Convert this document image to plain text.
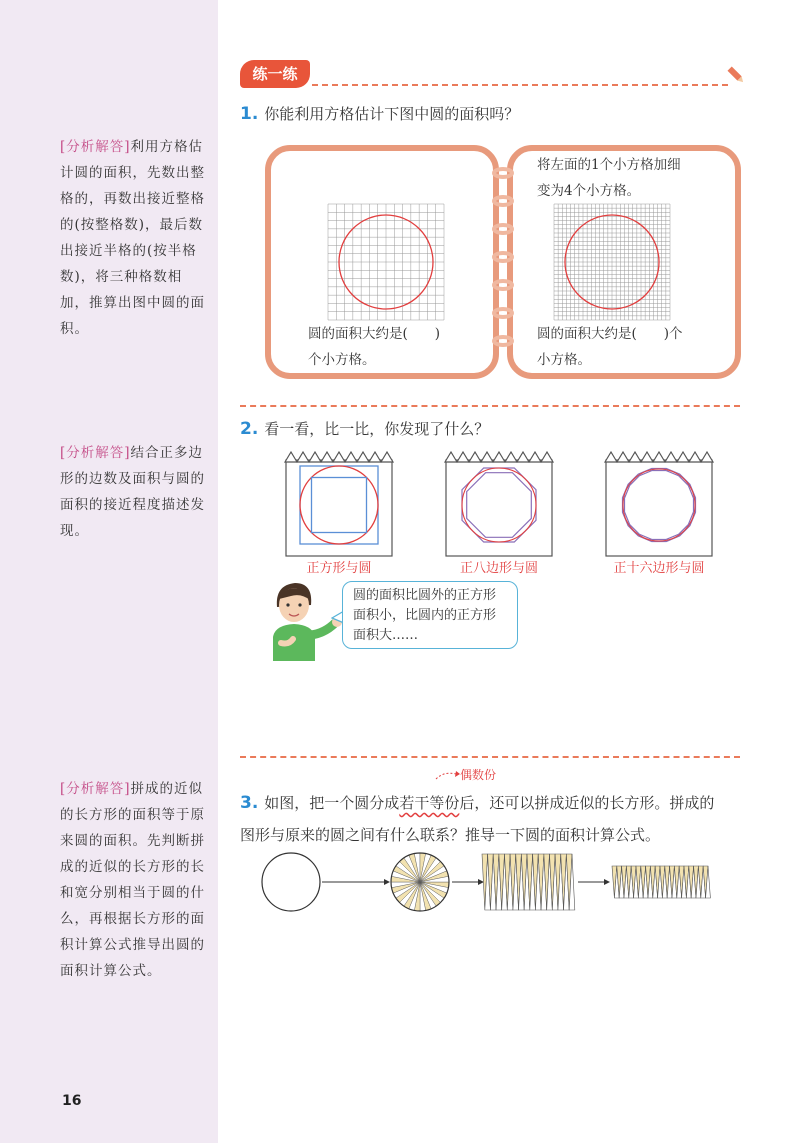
[分析解答]利用方格估计圆的面积，先数出整格的，再数出接近整格的(按整格数)，最后数出接近半格的(按半格数)，将三种格数相加，推算出图中圆的面积。
[分析解答]结合正多边形的边数及面积与圆的面积的接近程度描述发现。
[分析解答]拼成的近似的长方形的面积等于原来圆的面积。先判断拼成的近似的长方形的长和宽分别相当于圆的什么，再根据长方形的面积计算公式推导出圆的面积计算公式。
16
练一练
1. 你能利用方格估计下图中圆的面积吗？
圆的面积大约是(　　)
个小方格。
将左面的1个小方格加细
变为4个小方格。
圆的面积大约是(　　)个
小方格。
2. 看一看，比一比，你发现了什么？
正方形与圆	正八边形与圆	正十六边形与圆
圆的面积比圆外的正方形面积小，比圆内的正方形面积大……
偶数份
3. 如图，把一个圆分成若干等份后，还可以拼成近似的长方形。拼成的
图形与原来的圆之间有什么联系？推导一下圆的面积计算公式。
